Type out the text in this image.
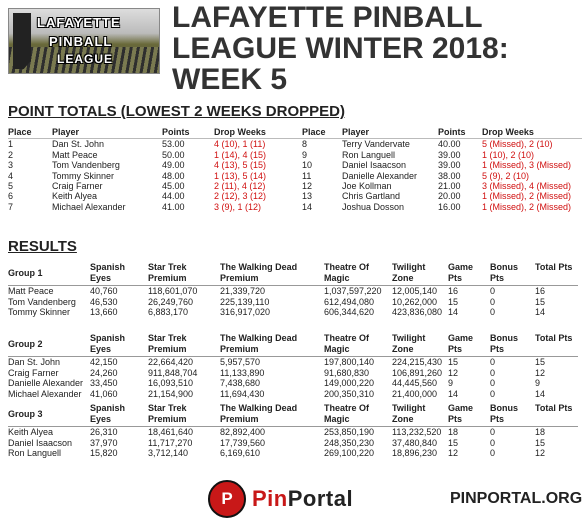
LAFAYETTE
PINBALL
LEAGUE
LAFAYETTE PINBALL LEAGUE WINTER 2018: WEEK 5
POINT TOTALS (LOWEST 2 WEEKS DROPPED)
Place	Player	Points	Drop Weeks
1	Dan St. John	53.00	4 (10), 1 (11)
2	Matt Peace	50.00	1 (14), 4 (15)
3	Tom Vandenberg	49.00	4 (13), 5 (15)
4	Tommy Skinner	48.00	1 (13), 5 (14)
5	Craig Farner	45.00	2 (11), 4 (12)
6	Keith Alyea	44.00	2 (12), 3 (12)
7	Michael Alexander	41.00	3 (9), 1 (12)
Place	Player	Points	Drop Weeks
8	Terry Vandervate	40.00	5 (Missed), 2 (10)
9	Ron Languell	39.00	1 (10), 2 (10)
10	Daniel Isaacson	39.00	1 (Missed), 3 (Missed)
11	Danielle Alexander	38.00	5 (9), 2 (10)
12	Joe Kollman	21.00	3 (Missed), 4 (Missed)
13	Chris Gartland	20.00	1 (Missed), 2 (Missed)
14	Joshua Dosson	16.00	1 (Missed), 2 (Missed)
RESULTS
Group 1	Spanish Eyes	Star Trek Premium	The Walking Dead Premium	Theatre Of Magic	Twilight Zone	Game Pts	Bonus Pts	Total Pts
Matt Peace	40,760	118,601,070	21,339,720	1,037,597,220	12,005,140	16	0	16
Tom Vandenberg	46,530	26,249,760	225,139,110	612,494,080	10,262,000	15	0	15
Tommy Skinner	13,660	6,883,170	316,917,020	606,344,620	423,836,080	14	0	14
Group 2	Spanish Eyes	Star Trek Premium	The Walking Dead Premium	Theatre Of Magic	Twilight Zone	Game Pts	Bonus Pts	Total Pts
Dan St. John	42,150	22,664,420	5,957,570	197,800,140	224,215,430	15	0	15
Craig Farner	24,260	911,848,704	11,133,890	91,680,830	106,891,260	12	0	12
Danielle Alexander	33,450	16,093,510	7,438,680	149,000,220	44,445,560	9	0	9
Michael Alexander	41,060	21,154,900	11,694,430	200,350,310	21,400,000	14	0	14
Group 3	Spanish Eyes	Star Trek Premium	The Walking Dead Premium	Theatre Of Magic	Twilight Zone	Game Pts	Bonus Pts	Total Pts
Keith Alyea	26,310	18,461,640	82,892,400	253,850,190	113,232,520	18	0	18
Daniel Isaacson	37,970	11,717,270	17,739,560	248,350,230	37,480,840	15	0	15
Ron Languell	15,820	3,712,140	6,169,610	269,100,220	18,896,230	12	0	12
P PinPortal	PINPORTAL.ORG
